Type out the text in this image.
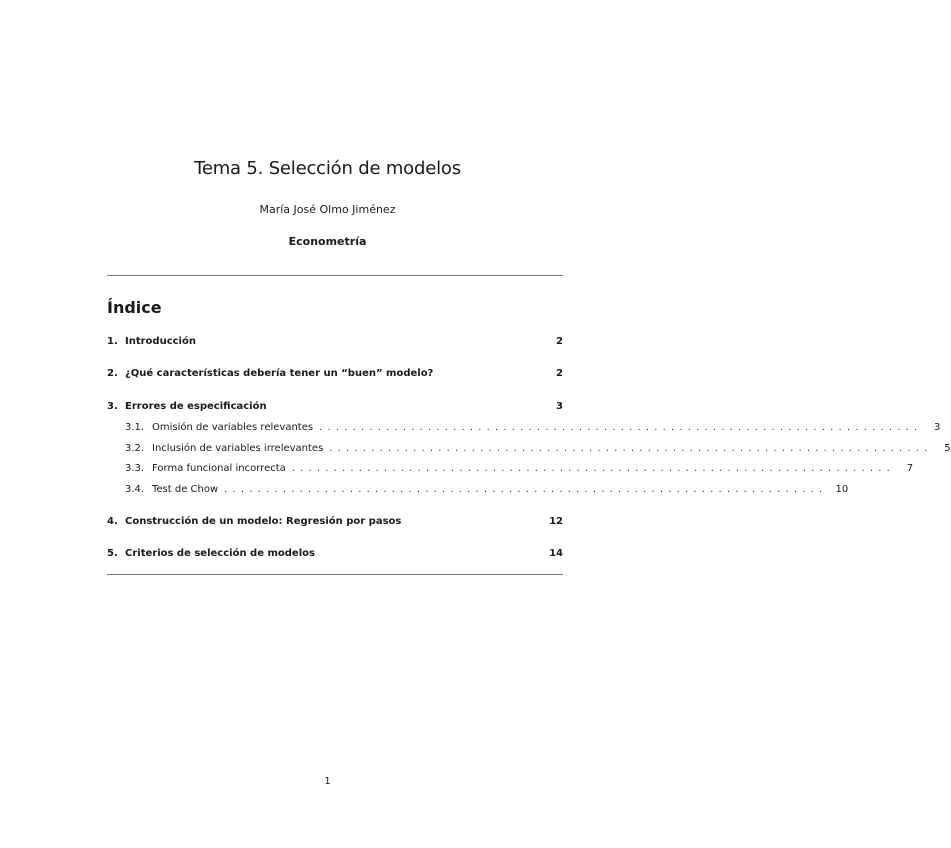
Tema 5. Selección de modelos
María José Olmo Jiménez
Econometría
Índice
1. Introducción	2
2. ¿Qué características debería tener un “buen” modelo?	2
3. Errores de especificación	3
3.1. Omisión de variables relevantes ........................................................................	3
3.2. Inclusión de variables irrelevantes ........................................................................	5
3.3. Forma funcional incorrecta ........................................................................	7
3.4. Test de Chow ........................................................................ 10
4. Construcción de un modelo: Regresión por pasos	12
5. Criterios de selección de modelos	14
1
